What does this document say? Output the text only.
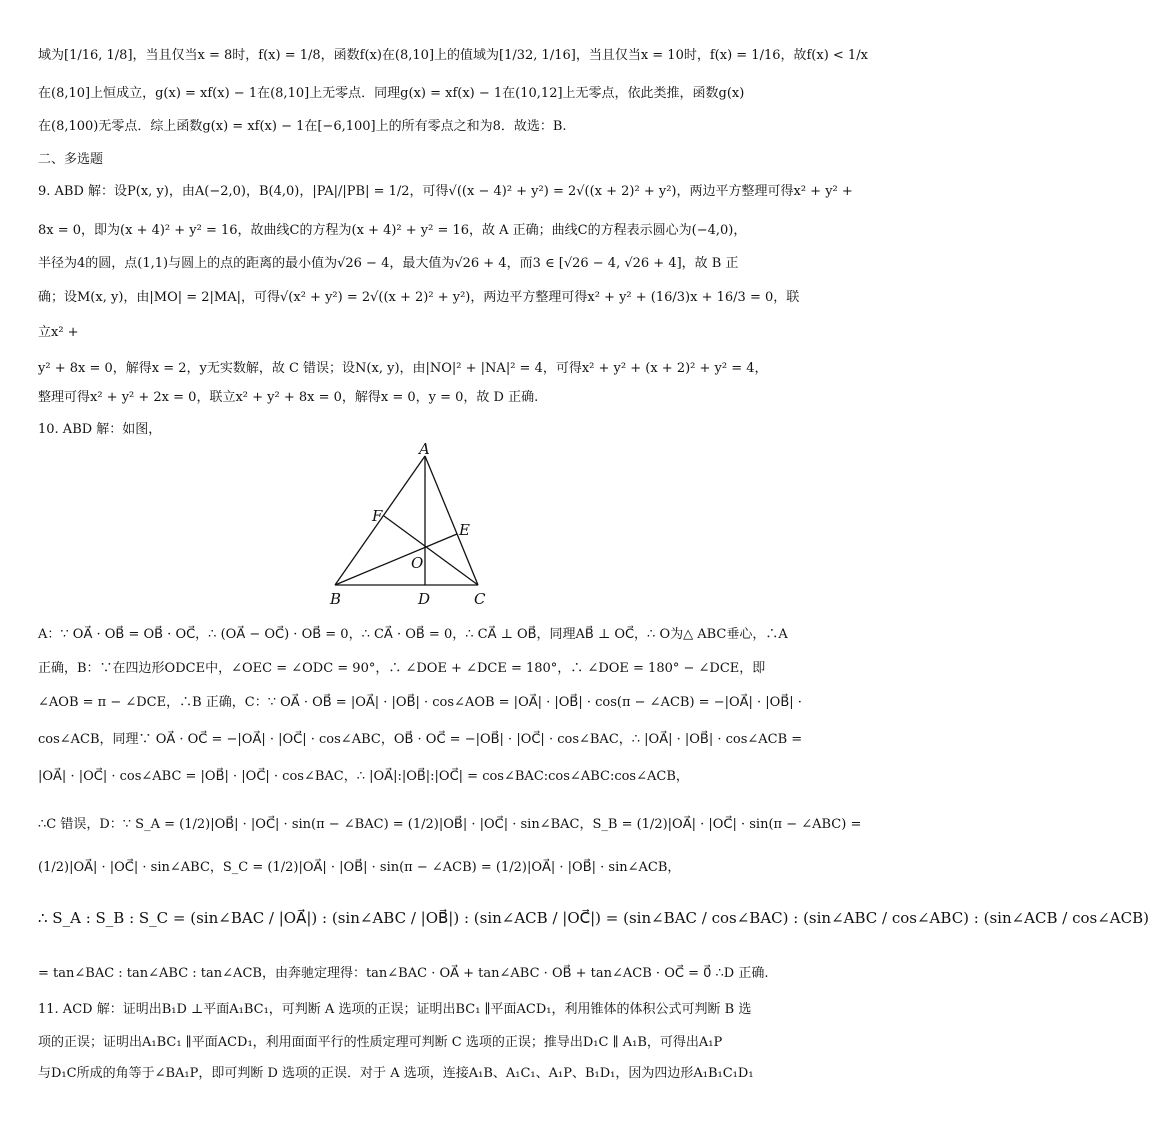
域为[1/16, 1/8]，当且仅当x = 8时，f(x) = 1/8，函数f(x)在(8,10]上的值域为[1/32, 1/16]，当且仅当x = 10时，f(x) = 1/16，故f(x) < 1/x
在(8,10]上恒成立，g(x) = xf(x) − 1在(8,10]上无零点．同理g(x) = xf(x) − 1在(10,12]上无零点，依此类推，函数g(x)
在(8,100)无零点．综上函数g(x) = xf(x) − 1在[−6,100]上的所有零点之和为8．故选：B.
二、多选题
9. ABD 解：设P(x, y)，由A(−2,0)，B(4,0)，|PA|/|PB| = 1/2，可得√((x − 4)² + y²) = 2√((x + 2)² + y²)，两边平方整理可得x² + y² +
8x = 0，即为(x + 4)² + y² = 16，故曲线C的方程为(x + 4)² + y² = 16，故 A 正确；曲线C的方程表示圆心为(−4,0)，
半径为4的圆，点(1,1)与圆上的点的距离的最小值为√26 − 4，最大值为√26 + 4，而3 ∈ [√26 − 4, √26 + 4]，故 B 正
确；设M(x, y)，由|MO| = 2|MA|，可得√(x² + y²) = 2√((x + 2)² + y²)，两边平方整理可得x² + y² + (16/3)x + 16/3 = 0，联
立x² +
y² + 8x = 0，解得x = 2，y无实数解，故 C 错误；设N(x, y)，由|NO|² + |NA|² = 4，可得x² + y² + (x + 2)² + y² = 4，
整理可得x² + y² + 2x = 0，联立x² + y² + 8x = 0，解得x = 0，y = 0，故 D 正确.
10. ABD 解：如图，
A
B	C
D
E
F
O
A：∵ OA⃗ · OB⃗ = OB⃗ · OC⃗，∴ (OA⃗ − OC⃗) · OB⃗ = 0，∴ CA⃗ · OB⃗ = 0，∴ CA⃗ ⊥ OB⃗，同理AB⃗ ⊥ OC⃗，∴ O为△ ABC垂心，∴A
正确，B：∵在四边形ODCE中，∠OEC = ∠ODC = 90°，∴ ∠DOE + ∠DCE = 180°，∴ ∠DOE = 180° − ∠DCE，即
∠AOB = π − ∠DCE，∴B 正确，C：∵ OA⃗ · OB⃗ = |OA⃗| · |OB⃗| · cos∠AOB = |OA⃗| · |OB⃗| · cos(π − ∠ACB) = −|OA⃗| · |OB⃗| ·
cos∠ACB，同理∵ OA⃗ · OC⃗ = −|OA⃗| · |OC⃗| · cos∠ABC，OB⃗ · OC⃗ = −|OB⃗| · |OC⃗| · cos∠BAC，∴ |OA⃗| · |OB⃗| · cos∠ACB =
|OA⃗| · |OC⃗| · cos∠ABC = |OB⃗| · |OC⃗| · cos∠BAC，∴ |OA⃗|:|OB⃗|:|OC⃗| = cos∠BAC:cos∠ABC:cos∠ACB，
∴C 错误，D：∵ S_A = (1/2)|OB⃗| · |OC⃗| · sin(π − ∠BAC) = (1/2)|OB⃗| · |OC⃗| · sin∠BAC，S_B = (1/2)|OA⃗| · |OC⃗| · sin(π − ∠ABC) =
(1/2)|OA⃗| · |OC⃗| · sin∠ABC，S_C = (1/2)|OA⃗| · |OB⃗| · sin(π − ∠ACB) = (1/2)|OA⃗| · |OB⃗| · sin∠ACB，
∴ S_A : S_B : S_C = (sin∠BAC / |OA⃗|) : (sin∠ABC / |OB⃗|) : (sin∠ACB / |OC⃗|) = (sin∠BAC / cos∠BAC) : (sin∠ABC / cos∠ABC) : (sin∠ACB / cos∠ACB)
= tan∠BAC : tan∠ABC : tan∠ACB，由奔驰定理得：tan∠BAC · OA⃗ + tan∠ABC · OB⃗ + tan∠ACB · OC⃗ = 0⃗ ∴D 正确.
11. ACD 解：证明出B₁D ⊥平面A₁BC₁，可判断 A 选项的正误；证明出BC₁ ∥平面ACD₁，利用锥体的体积公式可判断 B 选
项的正误；证明出A₁BC₁ ∥平面ACD₁，利用面面平行的性质定理可判断 C 选项的正误；推导出D₁C ∥ A₁B，可得出A₁P
与D₁C所成的角等于∠BA₁P，即可判断 D 选项的正误．对于 A 选项，连接A₁B、A₁C₁、A₁P、B₁D₁，因为四边形A₁B₁C₁D₁
